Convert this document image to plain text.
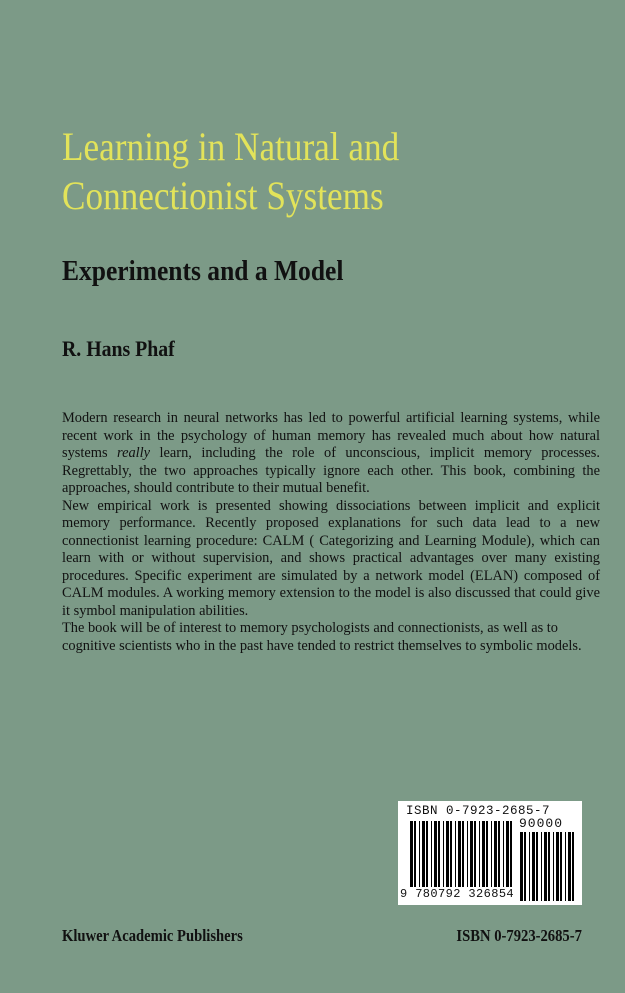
Learning in Natural and
Connectionist Systems
Experiments and a Model
R. Hans Phaf

Modern research in neural networks has led to powerful artificial learning systems, while recent work in the psychology of human memory has revealed much about how natural systems really learn, including the role of unconscious, implicit memory processes. Regrettably, the two approaches typically ignore each other. This book, combining the approaches, should contribute to their mutual benefit.

New empirical work is presented showing dissociations between implicit and explicit memory performance. Recently proposed explanations for such data lead to a new connectionist learning procedure: CALM ( Categorizing and Learning Module), which can learn with or without supervision, and shows practical advantages over many existing procedures. Specific experiment are simulated by a network model (ELAN) composed of CALM modules. A working memory extension to the model is also discussed that could give it symbol manipulation abilities.

The book will be of interest to memory psychologists and connectionists, as well as to cognitive scientists who in the past have tended to restrict themselves to symbolic models.

ISBN 0-7923-2685-7
90000
9 780792 326854
Kluwer Academic Publishers	ISBN 0-7923-2685-7
